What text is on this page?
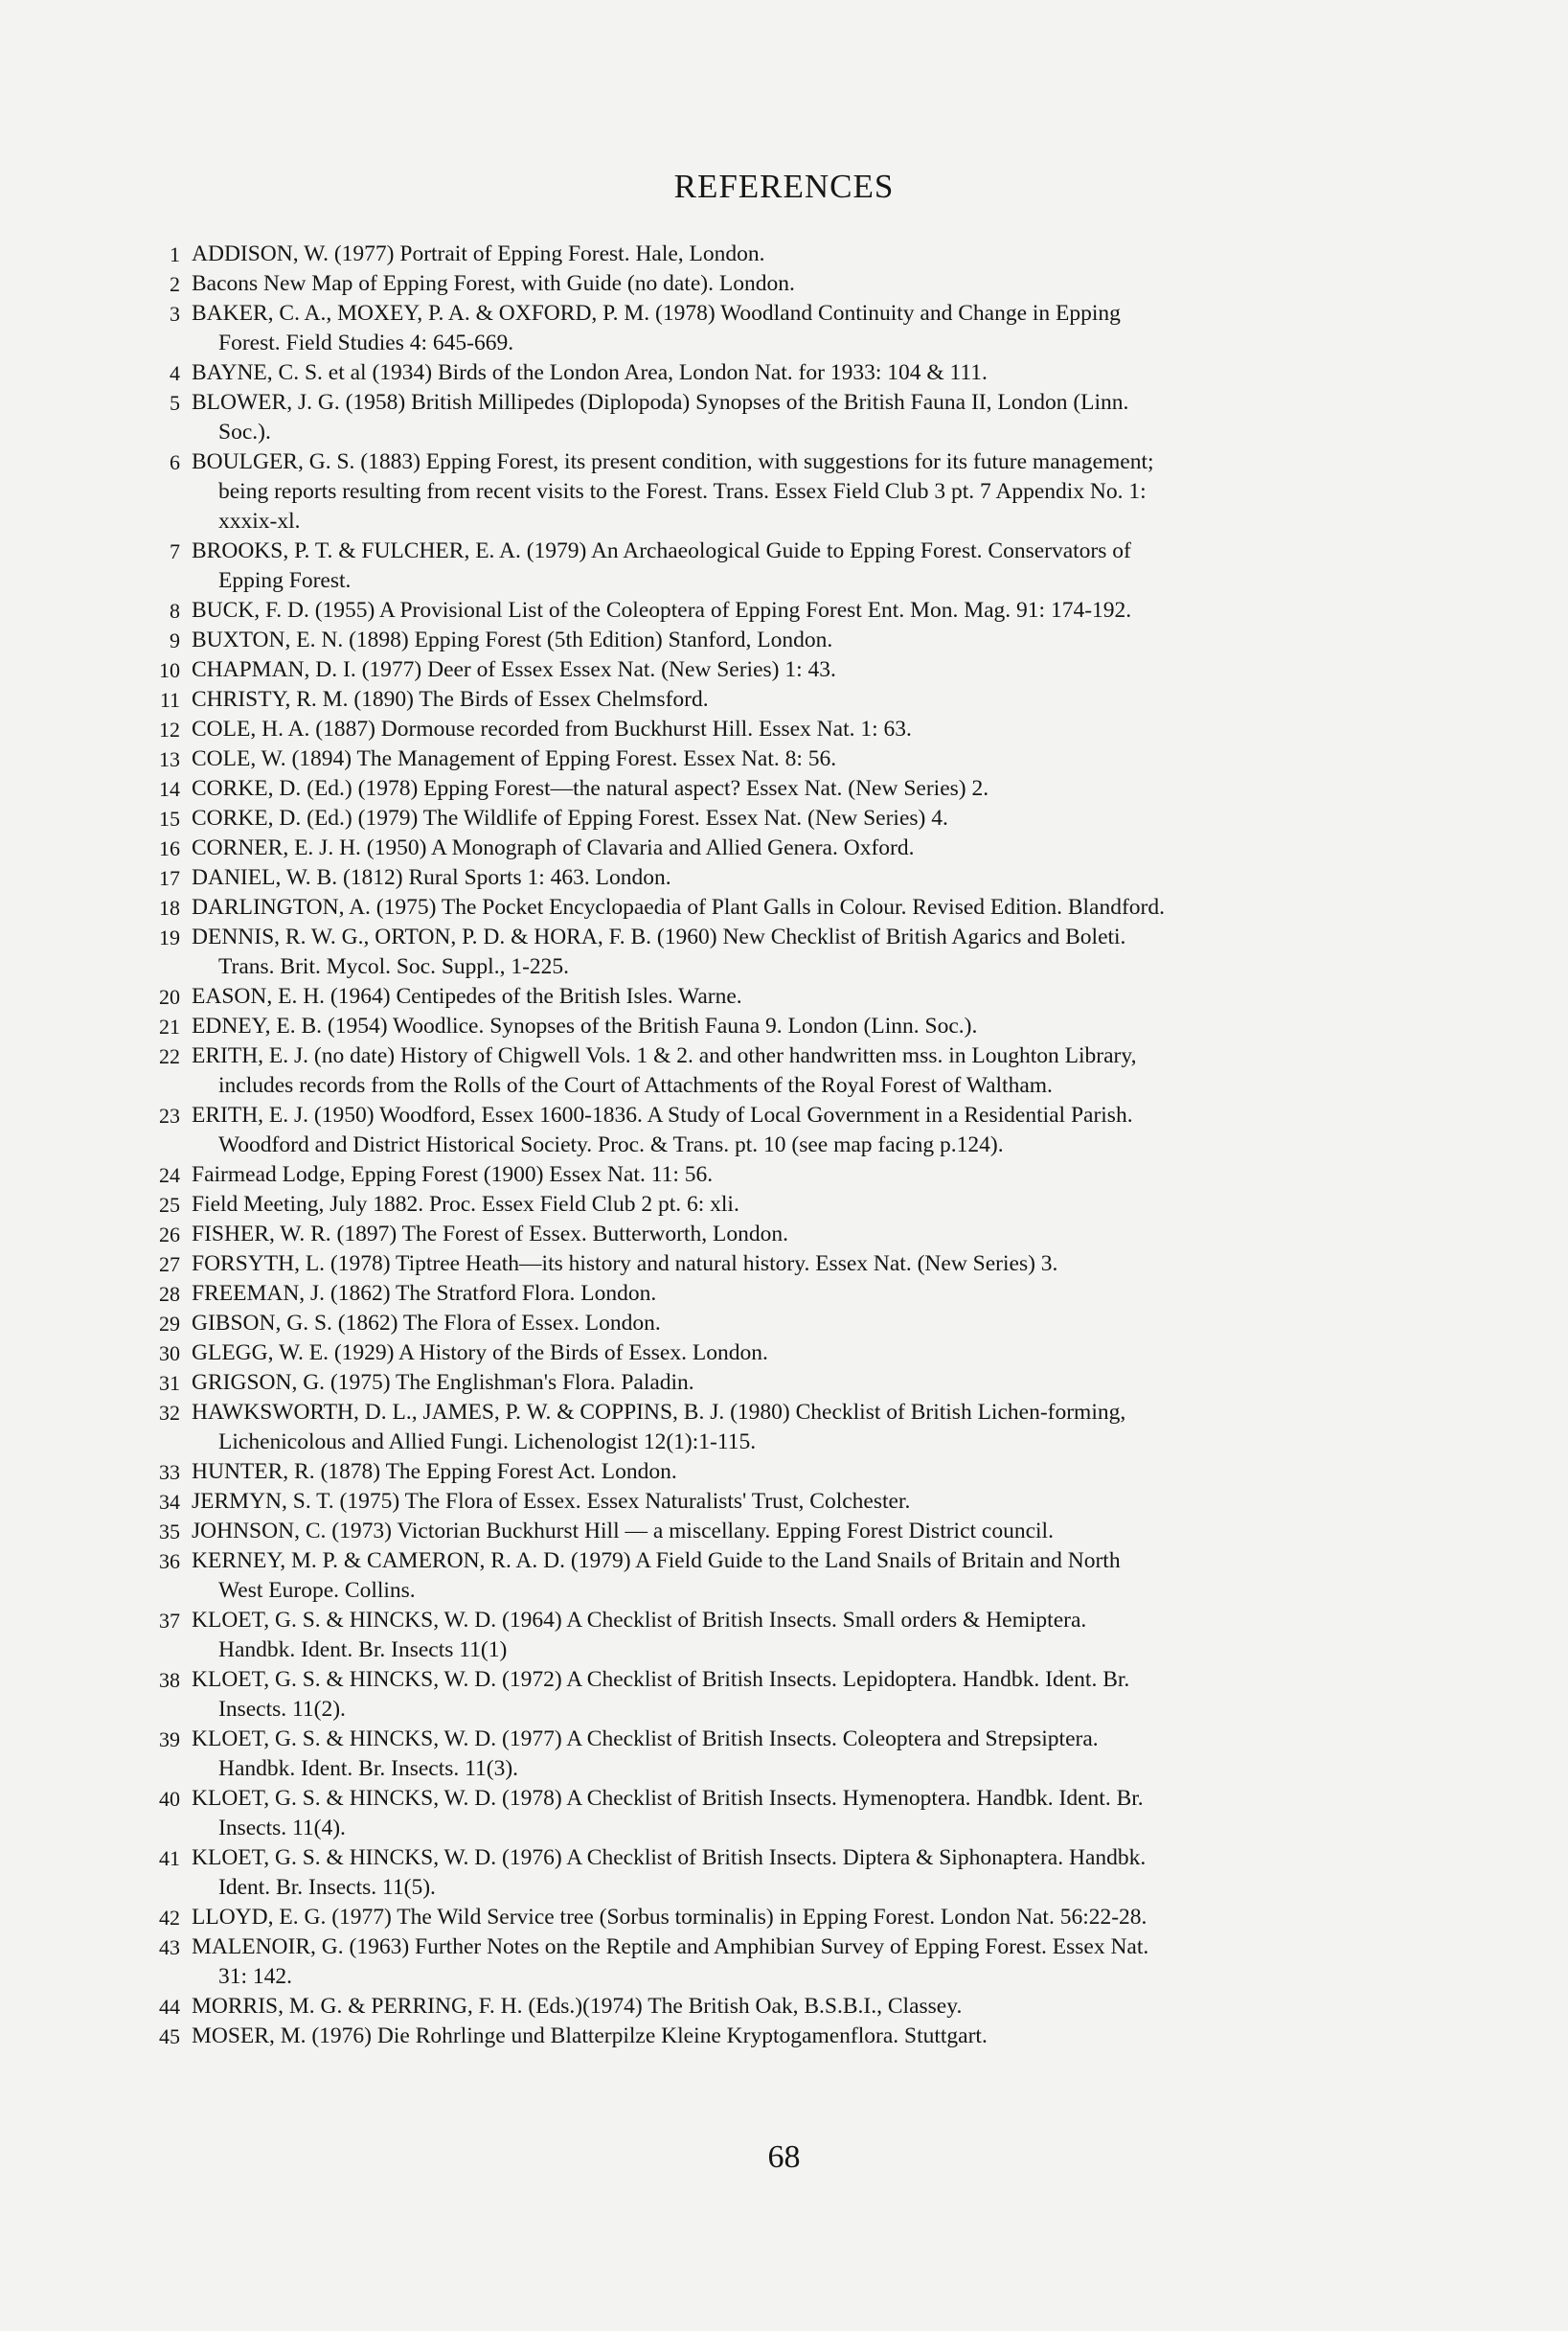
REFERENCES
1 ADDISON, W. (1977) Portrait of Epping Forest. Hale, London.
2 Bacons New Map of Epping Forest, with Guide (no date). London.
3 BAKER, C. A., MOXEY, P. A. & OXFORD, P. M. (1978) Woodland Continuity and Change in Epping
Forest. Field Studies 4: 645-669.
4 BAYNE, C. S. et al (1934) Birds of the London Area, London Nat. for 1933: 104 & 111.
5 BLOWER, J. G. (1958) British Millipedes (Diplopoda) Synopses of the British Fauna II, London (Linn.
Soc.).
6 BOULGER, G. S. (1883) Epping Forest, its present condition, with suggestions for its future management;
being reports resulting from recent visits to the Forest. Trans. Essex Field Club 3 pt. 7 Appendix No. 1:
xxxix-xl.
7 BROOKS, P. T. & FULCHER, E. A. (1979) An Archaeological Guide to Epping Forest. Conservators of
Epping Forest.
8 BUCK, F. D. (1955) A Provisional List of the Coleoptera of Epping Forest Ent. Mon. Mag. 91: 174-192.
9 BUXTON, E. N. (1898) Epping Forest (5th Edition) Stanford, London.
10 CHAPMAN, D. I. (1977) Deer of Essex Essex Nat. (New Series) 1: 43.
11 CHRISTY, R. M. (1890) The Birds of Essex Chelmsford.
12 COLE, H. A. (1887) Dormouse recorded from Buckhurst Hill. Essex Nat. 1: 63.
13 COLE, W. (1894) The Management of Epping Forest. Essex Nat. 8: 56.
14 CORKE, D. (Ed.) (1978) Epping Forest—the natural aspect? Essex Nat. (New Series) 2.
15 CORKE, D. (Ed.) (1979) The Wildlife of Epping Forest. Essex Nat. (New Series) 4.
16 CORNER, E. J. H. (1950) A Monograph of Clavaria and Allied Genera. Oxford.
17 DANIEL, W. B. (1812) Rural Sports 1: 463. London.
18 DARLINGTON, A. (1975) The Pocket Encyclopaedia of Plant Galls in Colour. Revised Edition. Blandford.
19 DENNIS, R. W. G., ORTON, P. D. & HORA, F. B. (1960) New Checklist of British Agarics and Boleti.
Trans. Brit. Mycol. Soc. Suppl., 1-225.
20 EASON, E. H. (1964) Centipedes of the British Isles. Warne.
21 EDNEY, E. B. (1954) Woodlice. Synopses of the British Fauna 9. London (Linn. Soc.).
22 ERITH, E. J. (no date) History of Chigwell Vols. 1 & 2. and other handwritten mss. in Loughton Library,
includes records from the Rolls of the Court of Attachments of the Royal Forest of Waltham.
23 ERITH, E. J. (1950) Woodford, Essex 1600-1836. A Study of Local Government in a Residential Parish.
Woodford and District Historical Society. Proc. & Trans. pt. 10 (see map facing p.124).
24 Fairmead Lodge, Epping Forest (1900) Essex Nat. 11: 56.
25 Field Meeting, July 1882. Proc. Essex Field Club 2 pt. 6: xli.
26 FISHER, W. R. (1897) The Forest of Essex. Butterworth, London.
27 FORSYTH, L. (1978) Tiptree Heath—its history and natural history. Essex Nat. (New Series) 3.
28 FREEMAN, J. (1862) The Stratford Flora. London.
29 GIBSON, G. S. (1862) The Flora of Essex. London.
30 GLEGG, W. E. (1929) A History of the Birds of Essex. London.
31 GRIGSON, G. (1975) The Englishman's Flora. Paladin.
32 HAWKSWORTH, D. L., JAMES, P. W. & COPPINS, B. J. (1980) Checklist of British Lichen-forming,
Lichenicolous and Allied Fungi. Lichenologist 12(1):1-115.
33 HUNTER, R. (1878) The Epping Forest Act. London.
34 JERMYN, S. T. (1975) The Flora of Essex. Essex Naturalists' Trust, Colchester.
35 JOHNSON, C. (1973) Victorian Buckhurst Hill — a miscellany. Epping Forest District council.
36 KERNEY, M. P. & CAMERON, R. A. D. (1979) A Field Guide to the Land Snails of Britain and North
West Europe. Collins.
37 KLOET, G. S. & HINCKS, W. D. (1964) A Checklist of British Insects. Small orders & Hemiptera.
Handbk. Ident. Br. Insects 11(1)
38 KLOET, G. S. & HINCKS, W. D. (1972) A Checklist of British Insects. Lepidoptera. Handbk. Ident. Br.
Insects. 11(2).
39 KLOET, G. S. & HINCKS, W. D. (1977) A Checklist of British Insects. Coleoptera and Strepsiptera.
Handbk. Ident. Br. Insects. 11(3).
40 KLOET, G. S. & HINCKS, W. D. (1978) A Checklist of British Insects. Hymenoptera. Handbk. Ident. Br.
Insects. 11(4).
41 KLOET, G. S. & HINCKS, W. D. (1976) A Checklist of British Insects. Diptera & Siphonaptera. Handbk.
Ident. Br. Insects. 11(5).
42 LLOYD, E. G. (1977) The Wild Service tree (Sorbus torminalis) in Epping Forest. London Nat. 56:22-28.
43 MALENOIR, G. (1963) Further Notes on the Reptile and Amphibian Survey of Epping Forest. Essex Nat.
31: 142.
44 MORRIS, M. G. & PERRING, F. H. (Eds.)(1974) The British Oak, B.S.B.I., Classey.
45 MOSER, M. (1976) Die Rohrlinge und Blatterpilze Kleine Kryptogamenflora. Stuttgart.
68
